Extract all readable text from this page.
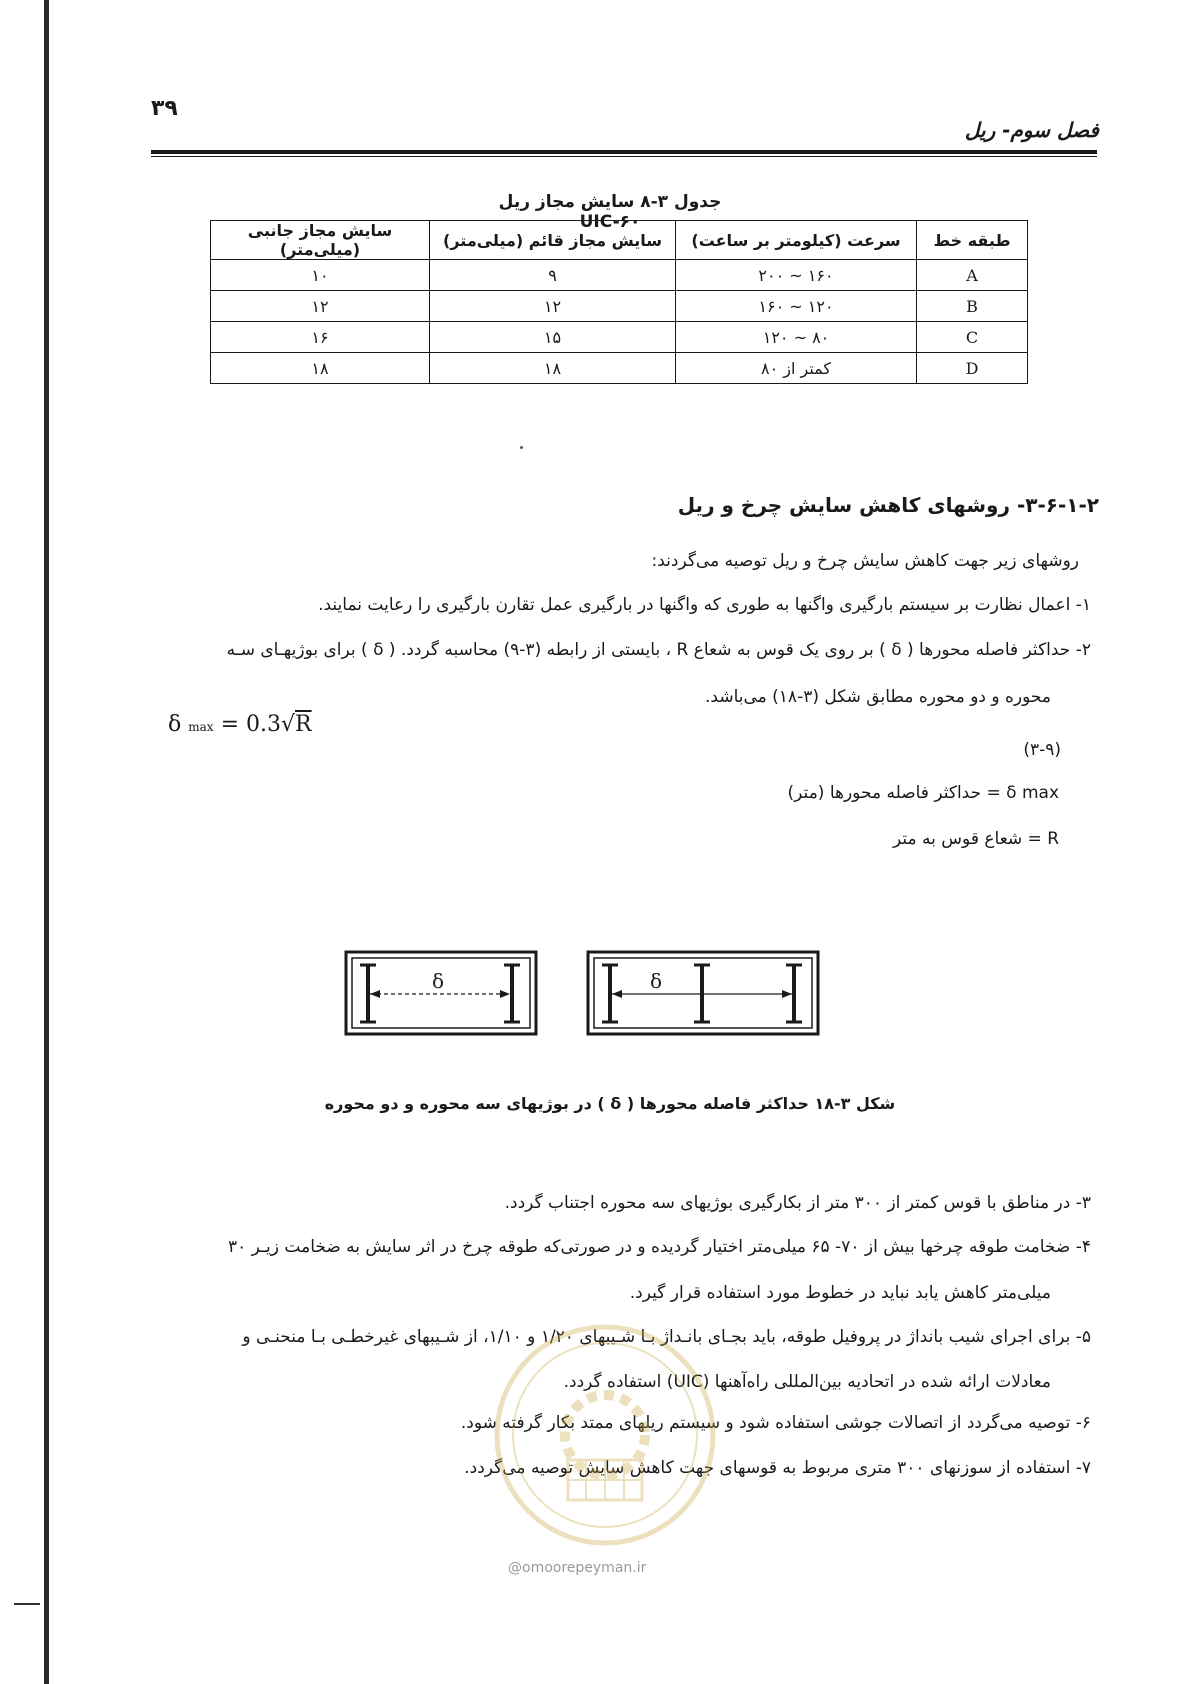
۳۹
فصل سوم- ریل
جدول ۳-۸ سایش مجاز ریل UIC-۶۰
طبقه خط	سرعت (کیلومتر بر ساعت)	سایش مجاز قائم (میلی‌متر)	سایش مجاز جانبی (میلی‌متر)
A	۱۶۰ ~ ۲۰۰	۹	۱۰
B	۱۲۰ ~ ۱۶۰	۱۲	۱۲
C	۸۰ ~ ۱۲۰	۱۵	۱۶
D	کمتر از ۸۰	۱۸	۱۸
۳-۶-۱-۲- روشهای کاهش سایش چرخ و ریل
روشهای زیر جهت کاهش سایش چرخ و ریل توصیه می‌گردند:
۱- اعمال نظارت بر سیستم بارگیری واگنها به طوری که واگنها در بارگیری عمل تقارن بارگیری را رعایت نمایند.
۲- حداکثر فاصله محورها ( δ ) بر روی یک قوس به شعاع R ، بایستی از رابطه (۳-۹) محاسبه گردد. ( δ ) برای بوژیهـای سـه
محوره و دو محوره مطابق شکل (۳-۱۸) می‌باشد.
δ max = 0.3√R
(۳-۹)
δ max = حداکثر فاصله محورها (متر)
R = شعاع قوس به متر
δ	δ
شکل ۳-۱۸ حداکثر فاصله محورها ( δ ) در بوژیهای سه محوره و دو محوره
۳- در مناطق با قوس کمتر از ۳۰۰ متر از بکارگیری بوژیهای سه محوره اجتناب گردد.
۴- ضخامت طوقه چرخها بیش از ۷۰- ۶۵ میلی‌متر اختیار گردیده و در صورتی‌که طوقه چرخ در اثر سایش به ضخامت زیـر ۳۰
میلی‌متر کاهش یابد نباید در خطوط مورد استفاده قرار گیرد.
۵- برای اجرای شیب بانداژ در پروفیل طوقه، باید بجـای بانـداژ بـا شـیبهای ۱/۲۰ و ۱/۱۰، از شـیبهای غیرخطـی بـا منحنـی و
معادلات ارائه شده در اتحادیه بین‌المللی راه‌آهنها (UIC) استفاده گردد.
۶- توصیه می‌گردد از اتصالات جوشی استفاده شود و سیستم ریلهای ممتد بکار گرفته شود.
۷- استفاده از سوزنهای ۳۰۰ متری مربوط به قوسهای جهت کاهش سایش توصیه می‌گردد.
@omoorepeyman.ir
